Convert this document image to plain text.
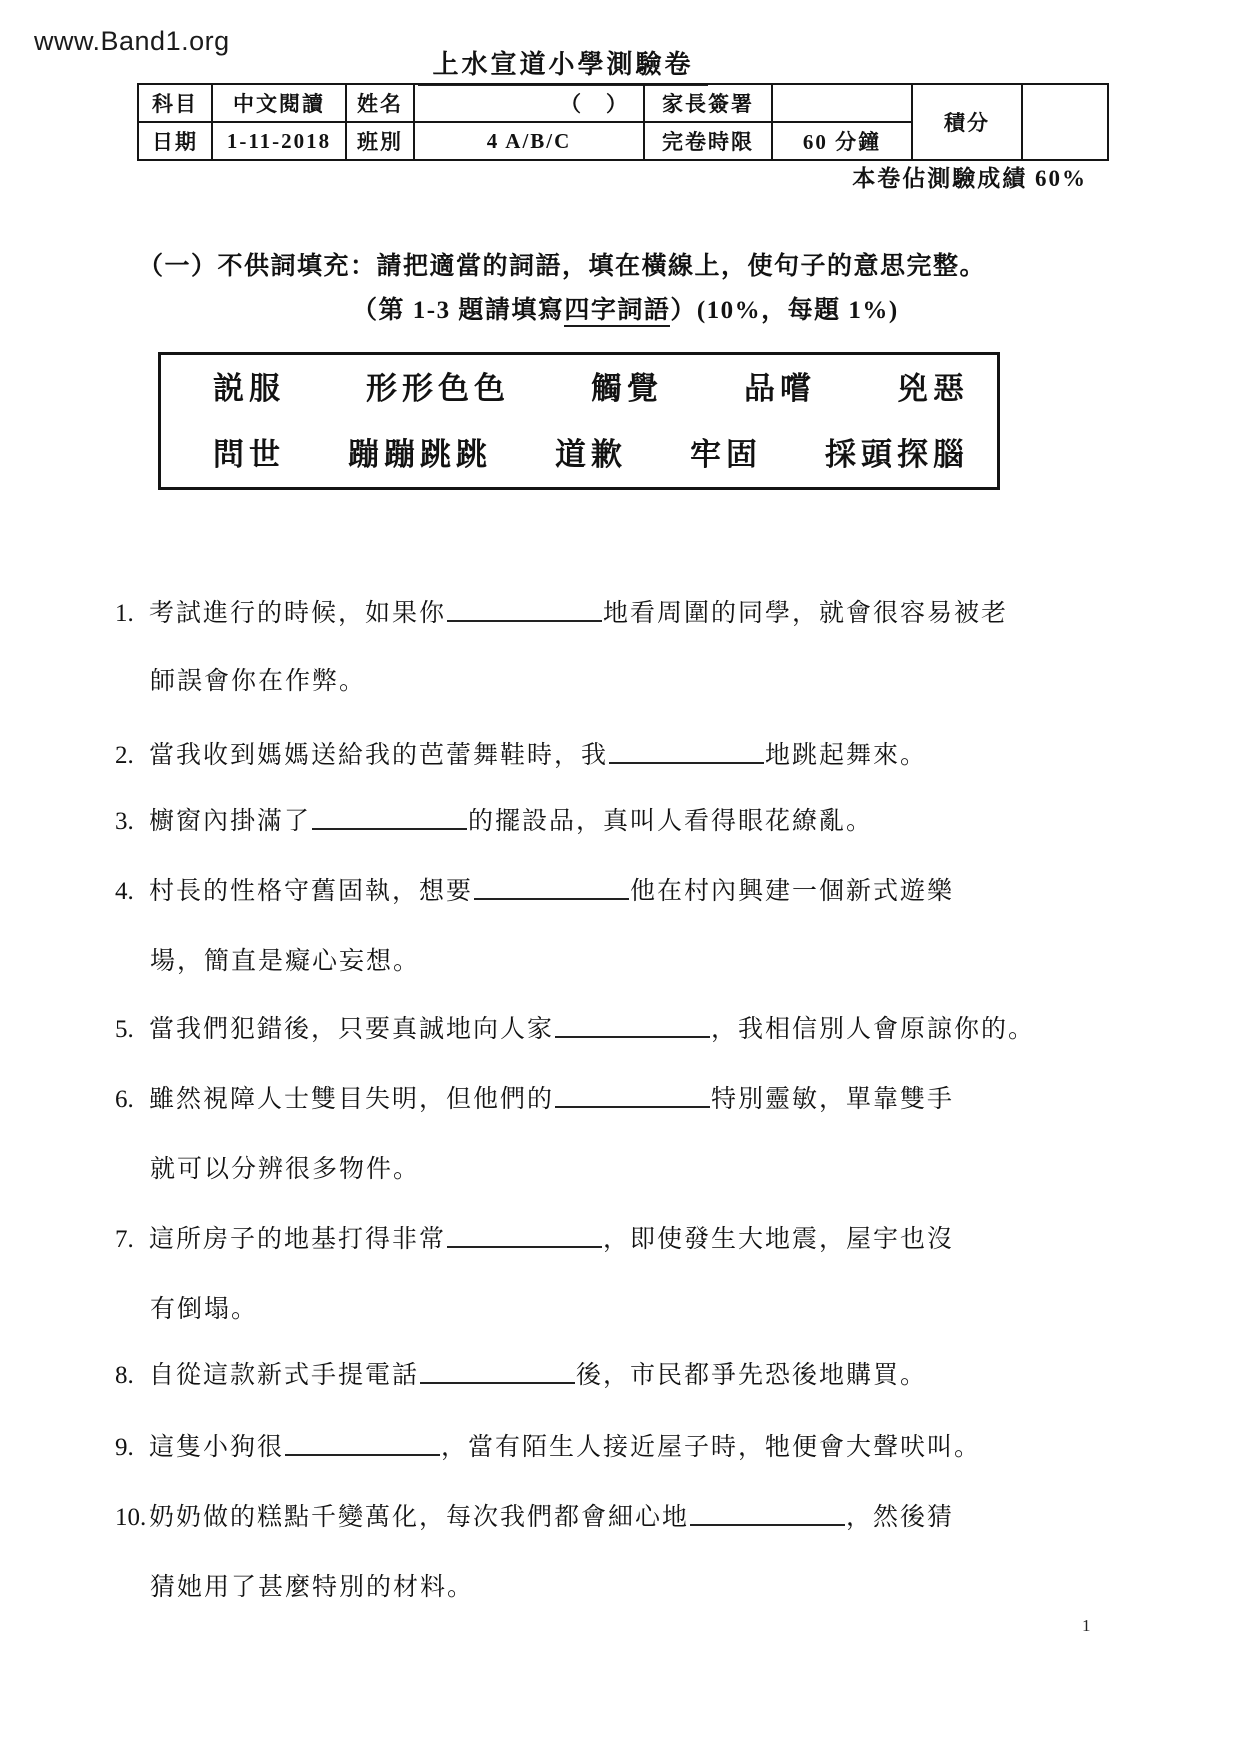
www.Band1.org
上水宣道小學測驗卷
科目	中文閱讀	姓名	（　）	家長簽署		積分	
日期	1-11-2018	班別	4 A/B/C	完卷時限	60 分鐘		
本卷佔測驗成績 60%
（一）不供詞填充：請把適當的詞語，填在橫線上，使句子的意思完整。
（第 1-3 題請填寫四字詞語）(10%，每題 1%)
説服	形形色色	觸覺	品嚐	兇惡
問世 蹦蹦跳跳 道歉 牢固 採頭探腦
1. 考試進行的時候，如果你	地看周圍的同學，就會很容易被老
師誤會你在作弊。
2. 當我收到媽媽送給我的芭蕾舞鞋時，我	地跳起舞來。
3. 櫥窗內掛滿了	的擺設品，真叫人看得眼花繚亂。
4. 村長的性格守舊固執，想要	他在村內興建一個新式遊樂
場，簡直是癡心妄想。
5. 當我們犯錯後，只要真誠地向人家	，我相信別人會原諒你的。
6. 雖然視障人士雙目失明，但他們的	特別靈敏，單靠雙手
就可以分辨很多物件。
7. 這所房子的地基打得非常	，即使發生大地震，屋宇也沒
有倒塌。
8. 自從這款新式手提電話	後，市民都爭先恐後地購買。
9. 這隻小狗很	，當有陌生人接近屋子時，牠便會大聲吠叫。
10. 奶奶做的糕點千變萬化，每次我們都會細心地	，然後猜
猜她用了甚麼特別的材料。
1
